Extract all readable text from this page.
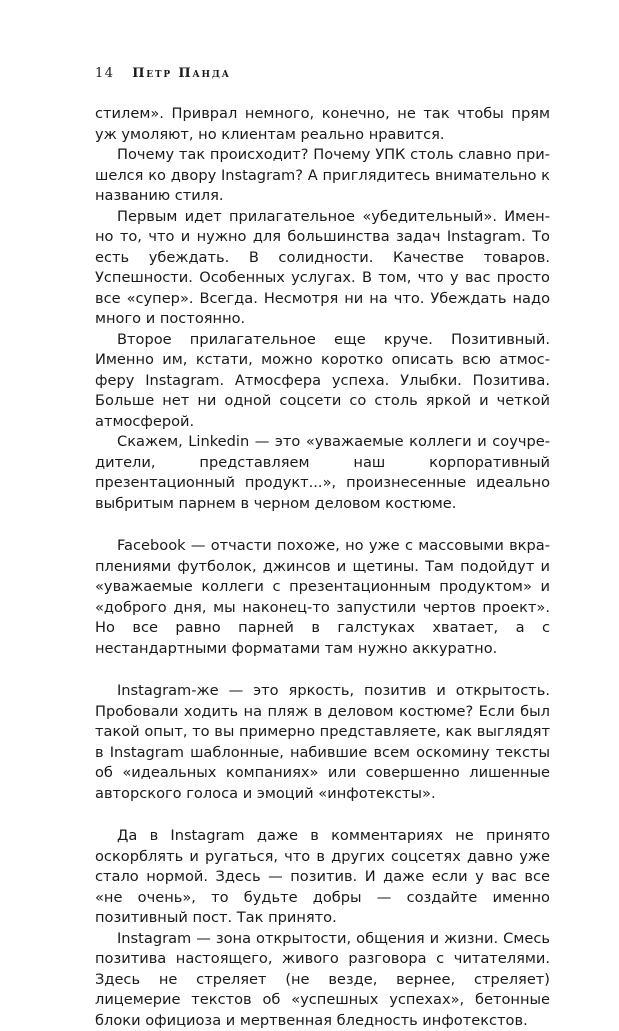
14 Петр Панда

стилем». Приврал немного, конечно, не так чтобы прям уж умоляют, но клиентам реально нравится.

Почему так происходит? Почему УПК столь славно пришелся ко двору Instagram? А приглядитесь внимательно к названию стиля.

Первым идет прилагательное «убедительный». Именно то, что и нужно для большинства задач Instagram. То есть убеждать. В солидности. Качестве товаров. Успешности. Особенных услугах. В том, что у вас просто все «супер». Всегда. Несмотря ни на что. Убеждать надо много и постоянно.

Второе прилагательное еще круче. Позитивный. Именно им, кстати, можно коротко описать всю атмосферу Instagram. Атмосфера успеха. Улыбки. Позитива. Больше нет ни одной соцсети со столь яркой и четкой атмосферой.

Скажем, Linkedin — это «уважаемые коллеги и соучредители, представляем наш корпоративный презентационный продукт...», произнесенные идеально выбритым парнем в черном деловом костюме.

Facebook — отчасти похоже, но уже с массовыми вкраплениями футболок, джинсов и щетины. Там подойдут и «уважаемые коллеги с презентационным продуктом» и «доброго дня, мы наконец-то запустили чертов проект». Но все равно парней в галстуках хватает, а с нестандартными форматами там нужно аккуратно.

Instagram-же — это яркость, позитив и открытость. Пробовали ходить на пляж в деловом костюме? Если был такой опыт, то вы примерно представляете, как выглядят в Instagram шаблонные, набившие всем оскомину тексты об «идеальных компаниях» или совершенно лишенные авторского голоса и эмоций «инфотексты».

Да в Instagram даже в комментариях не принято оскорблять и ругаться, что в других соцсетях давно уже стало нормой. Здесь — позитив. И даже если у вас все «не очень», то будьте добры — создайте именно позитивный пост. Так принято.

Instagram — зона открытости, общения и жизни. Смесь позитива настоящего, живого разговора с читателями. Здесь не стреляет (не везде, вернее, стреляет) лицемерие текстов об «успешных успехах», бетонные блоки официоза и мертвенная бледность инфотекстов.
